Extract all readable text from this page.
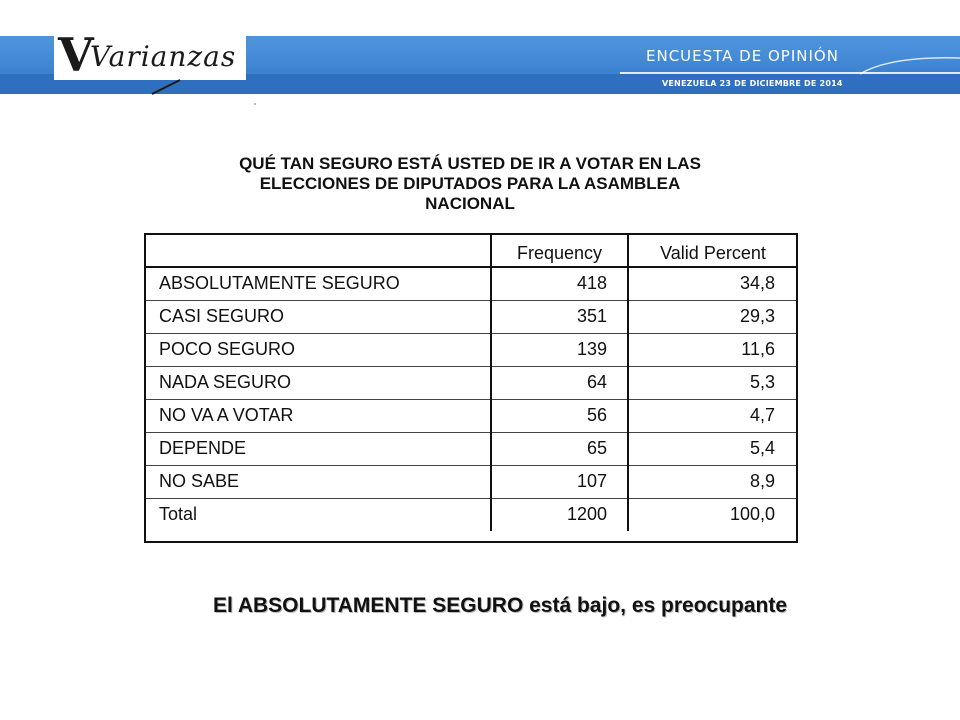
V
Varianzas	ENCUESTA DE OPINIÓN
VENEZUELA 23 DE DICIEMBRE DE 2014
QUÉ TAN SEGURO ESTÁ USTED DE IR A VOTAR EN LAS
ELECCIONES DE DIPUTADOS PARA LA ASAMBLEA
NACIONAL
	Frequency	Valid Percent
ABSOLUTAMENTE SEGURO	418	34,8
CASI SEGURO	351	29,3
POCO SEGURO	139	11,6
NADA SEGURO	64	5,3
NO VA A VOTAR	56	4,7
DEPENDE	65	5,4
NO SABE	107	8,9
Total	1200	100,0
El ABSOLUTAMENTE SEGURO está bajo, es preocupante
